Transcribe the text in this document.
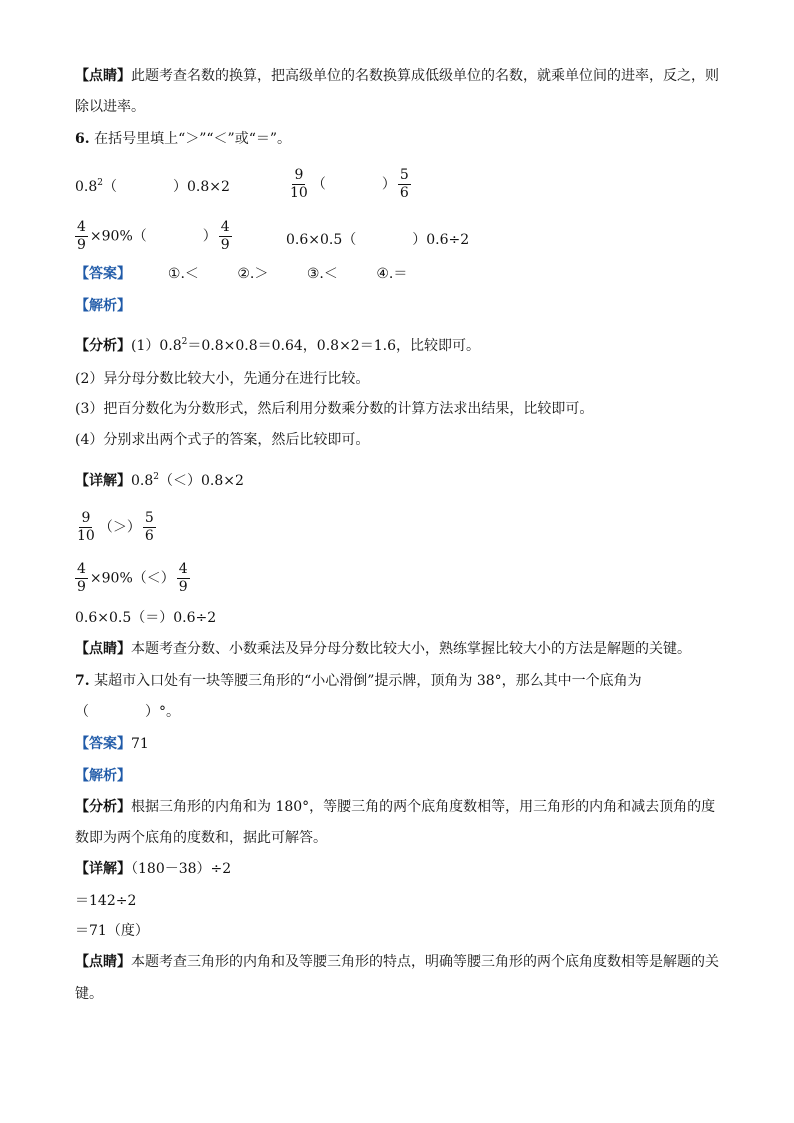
【点睛】此题考查名数的换算，把高级单位的名数换算成低级单位的名数，就乘单位间的进率，反之，则
除以进率。
6. 在括号里填上“＞”“＜”或“＝”。
$0.8^2$（　　　　）0.8×2	$\frac{9}{10}$ （　　　　） $\frac{5}{6}$
$\frac{4}{9} \times 90\%$（　　　　） $\frac{4}{9}$	0.6×0.5（　　　　）0.6÷2
【答案】	①.＜	②.＞	③.＜	④.＝
【解析】
【分析】$(1)0.8^2=0.8\times 0.8=0.64$，0.8×2＝1.6，比较即可。
(2）异分母分数比较大小，先通分在进行比较。
(3）把百分数化为分数形式，然后利用分数乘分数的计算方法求出结果，比较即可。
(4）分别求出两个式子的答案，然后比较即可。
【详解】$0.8^2(<)0.8\times 2$
$\frac{9}{10}$ （＞） $\frac{5}{6}$
$\frac{4}{9} \times 90\%(<) \frac{4}{9}$
0.6×0.5（＝）0.6÷2
【点睛】本题考查分数、小数乘法及异分母分数比较大小，熟练掌握比较大小的方法是解题的关键。
7. 某超市入口处有一块等腰三角形的“小心滑倒”提示牌，顶角为 38°，那么其中一个底角为
（　　　　）°。
【答案】71
【解析】
【分析】根据三角形的内角和为 180°，等腰三角的两个底角度数相等，用三角形的内角和减去顶角的度
数即为两个底角的度数和，据此可解答。
【详解】（180－38）÷2
＝142÷2
＝71（度）
【点睛】本题考查三角形的内角和及等腰三角形的特点，明确等腰三角形的两个底角度数相等是解题的关
键。
